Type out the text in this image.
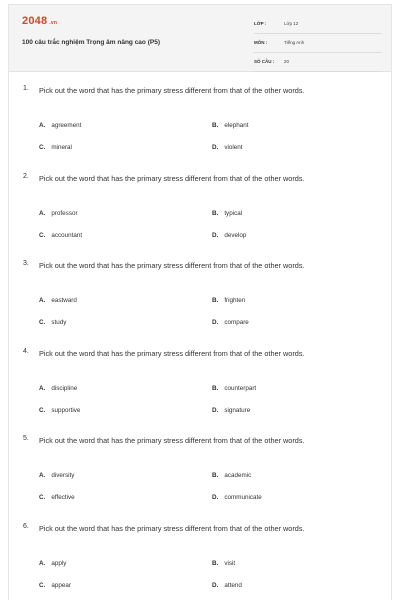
2048 .vn
100 câu trắc nghiệm Trọng âm nâng cao (P5)
LỚP :	Lớp 12
MÔN :	Tiếng Anh
SỐ CÂU : 20
1. Pick out the word that has the primary stress different from that of the other words.
A. agreement	B. elephant
C. mineral	D. violent
2. Pick out the word that has the primary stress different from that of the other words.
A. professor	B. typical
C. accountant	D. develop
3. Pick out the word that has the primary stress different from that of the other words.
A. eastward	B. frighten
C. study	D. compare
4. Pick out the word that has the primary stress different from that of the other words.
A. discipline	B. counterpart
C. supportive	D. signature
5. Pick out the word that has the primary stress different from that of the other words.
A. diversity	B. academic
C. effective	D. communicate
6. Pick out the word that has the primary stress different from that of the other words.
A. apply	B. visit
C. appear	D. attend
